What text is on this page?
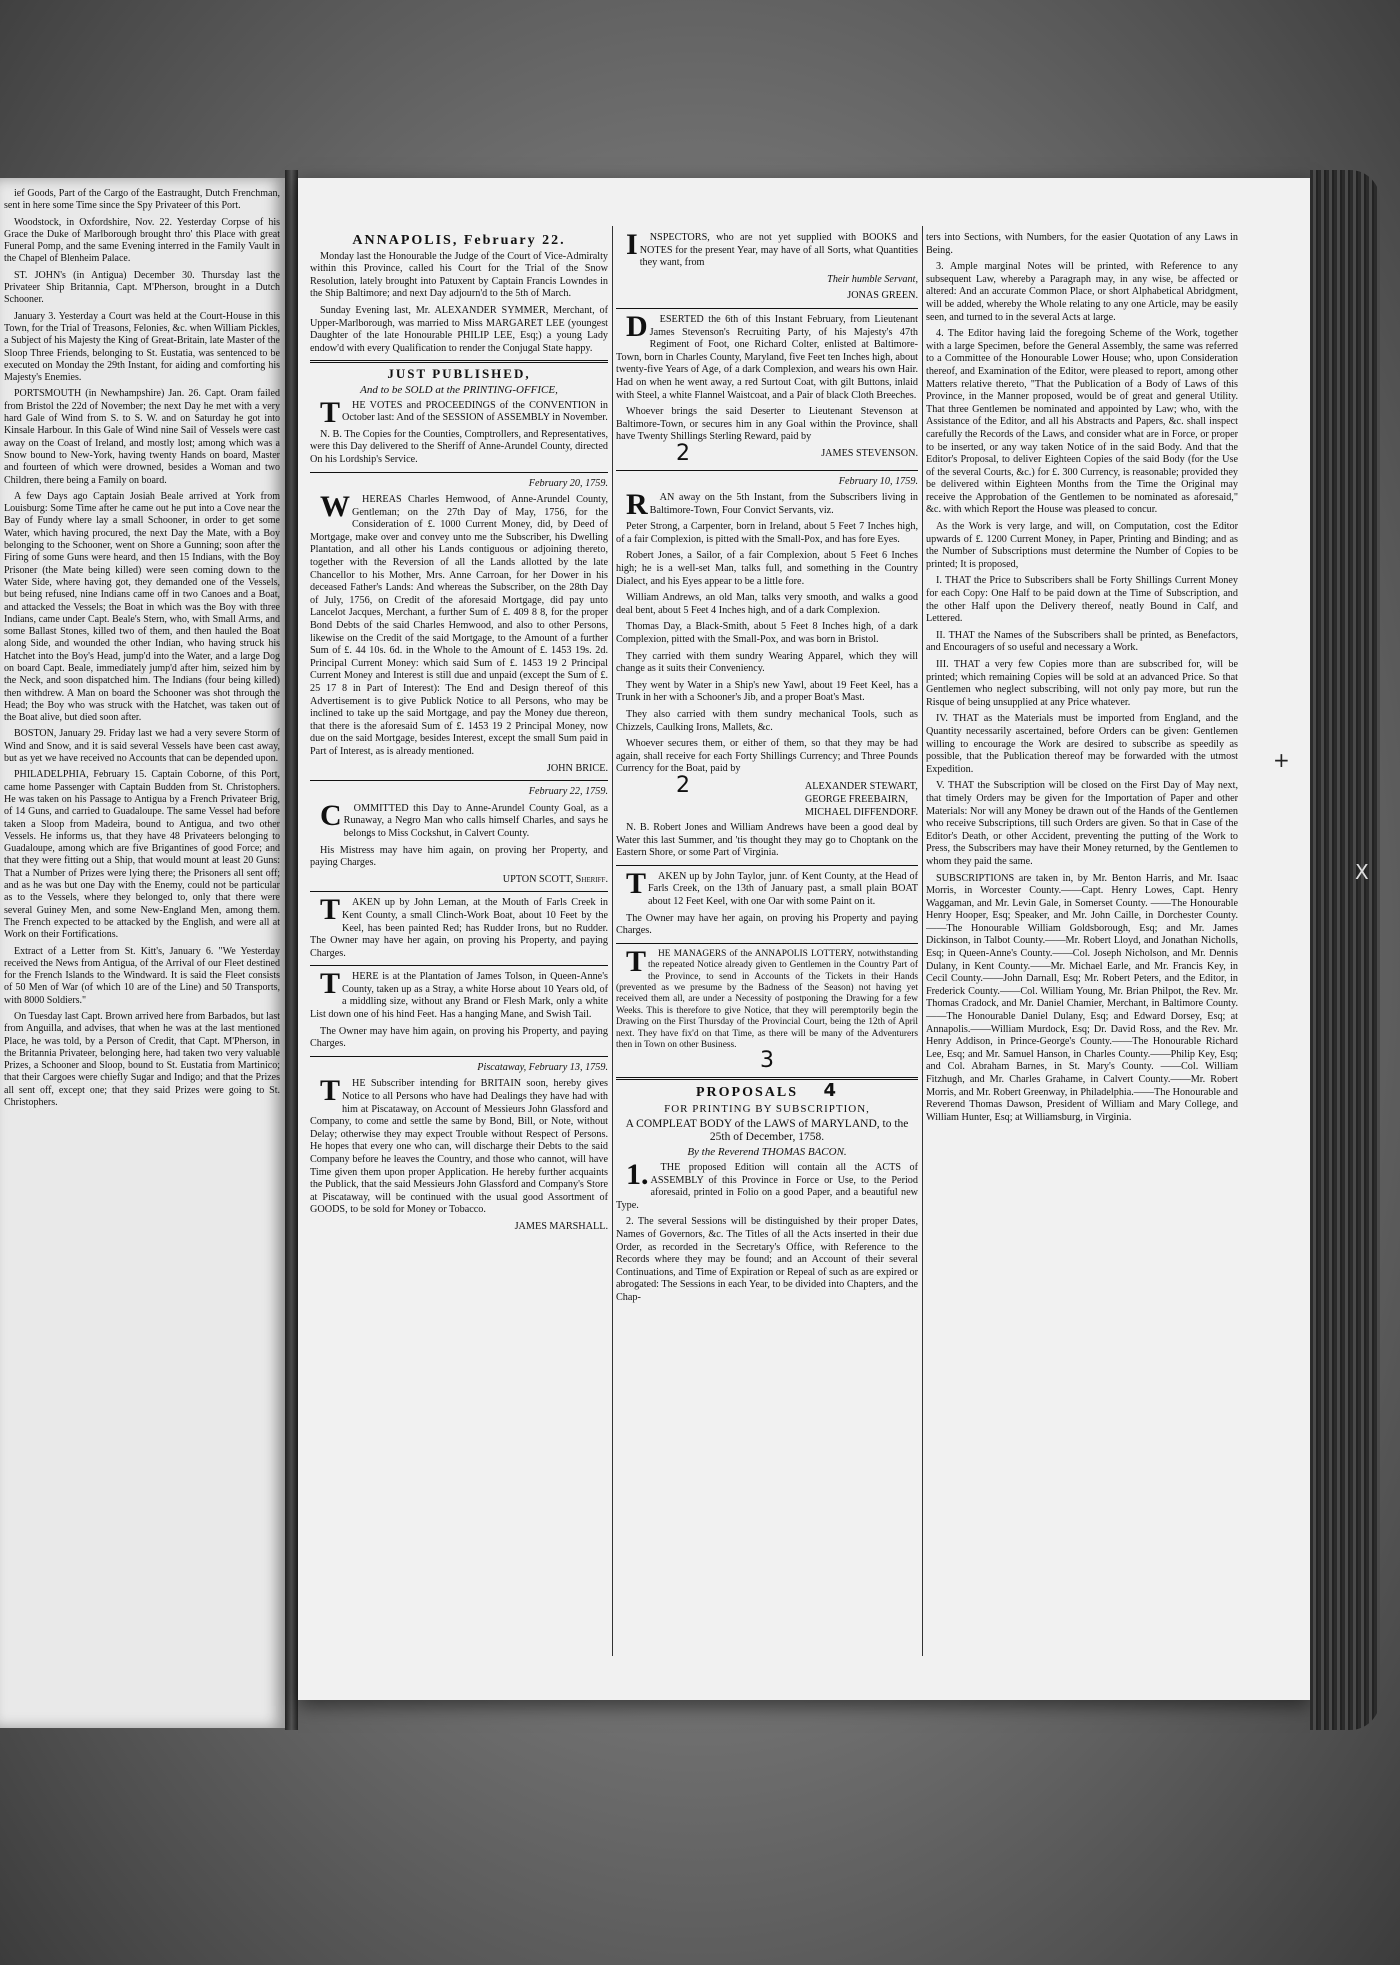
ief Goods, Part of the Cargo of the Eastraught, Dutch Frenchman, sent in here some Time since the Spy Privateer of this Port.

Woodstock, in Oxfordshire, Nov. 22. Yesterday Corpse of his Grace the Duke of Marlborough brought thro' this Place with great Funeral Pomp, and the same Evening interred in the Family Vault in the Chapel of Blenheim Palace.

ST. JOHN's (in Antigua) December 30. Thursday last the Privateer Ship Britannia, Capt. M'Pherson, brought in a Dutch Schooner.

January 3. Yesterday a Court was held at the Court-House in this Town, for the Trial of Treasons, Felonies, &c. when William Pickles, a Subject of his Majesty the King of Great-Britain, late Master of the Sloop Three Friends, belonging to St. Eustatia, was sentenced to be executed on Monday the 29th Instant, for aiding and comforting his Majesty's Enemies.

PORTSMOUTH (in Newhampshire) Jan. 26. Capt. Oram failed from Bristol the 22d of November; the next Day he met with a very hard Gale of Wind from S. to S. W. and on Saturday he got into Kinsale Harbour. In this Gale of Wind nine Sail of Vessels were cast away on the Coast of Ireland, and mostly lost; among which was a Snow bound to New-York, having twenty Hands on board, Master and fourteen of which were drowned, besides a Woman and two Children, there being a Family on board.

A few Days ago Captain Josiah Beale arrived at York from Louisburg: Some Time after he came out he put into a Cove near the Bay of Fundy where lay a small Schooner, in order to get some Water, which having procured, the next Day the Mate, with a Boy belonging to the Schooner, went on Shore a Gunning; soon after the Firing of some Guns were heard, and then 15 Indians, with the Boy Prisoner (the Mate being killed) were seen coming down to the Water Side, where having got, they demanded one of the Vessels, but being refused, nine Indians came off in two Canoes and a Boat, and attacked the Vessels; the Boat in which was the Boy with three Indians, came under Capt. Beale's Stern, who, with Small Arms, and some Ballast Stones, killed two of them, and then hauled the Boat along Side, and wounded the other Indian, who having struck his Hatchet into the Boy's Head, jump'd into the Water, and a large Dog on board Capt. Beale, immediately jump'd after him, seized him by the Neck, and soon dispatched him. The Indians (four being killed) then withdrew. A Man on board the Schooner was shot through the Head; the Boy who was struck with the Hatchet, was taken out of the Boat alive, but died soon after.

BOSTON, January 29. Friday last we had a very severe Storm of Wind and Snow, and it is said several Vessels have been cast away, but as yet we have received no Accounts that can be depended upon.

PHILADELPHIA, February 15. Captain Coborne, of this Port, came home Passenger with Captain Budden from St. Christophers. He was taken on his Passage to Antigua by a French Privateer Brig, of 14 Guns, and carried to Guadaloupe. The same Vessel had before taken a Sloop from Madeira, bound to Antigua, and two other Vessels. He informs us, that they have 48 Privateers belonging to Guadaloupe, among which are five Brigantines of good Force; and that they were fitting out a Ship, that would mount at least 20 Guns: That a Number of Prizes were lying there; the Prisoners all sent off; and as he was but one Day with the Enemy, could not be particular as to the Vessels, where they belonged to, only that there were several Guiney Men, and some New-England Men, among them. The French expected to be attacked by the English, and were all at Work on their Fortifications.

Extract of a Letter from St. Kitt's, January 6. "We Yesterday received the News from Antigua, of the Arrival of our Fleet destined for the French Islands to the Windward. It is said the Fleet consists of 50 Men of War (of which 10 are of the Line) and 50 Transports, with 8000 Soldiers."

On Tuesday last Capt. Brown arrived here from Barbados, but last from Anguilla, and advises, that when he was at the last mentioned Place, he was told, by a Person of Credit, that Capt. M'Pherson, in the Britannia Privateer, belonging here, had taken two very valuable Prizes, a Schooner and Sloop, bound to St. Eustatia from Martinico; that their Cargoes were chiefly Sugar and Indigo; and that the Prizes all sent off, except one; that they said Prizes were going to St. Christophers.

ANNAPOLIS, February 22.

Monday last the Honourable the Judge of the Court of Vice-Admiralty within this Province, called his Court for the Trial of the Snow Resolution, lately brought into Patuxent by Captain Francis Lowndes in the Ship Baltimore; and next Day adjourn'd to the 5th of March.

Sunday Evening last, Mr. ALEXANDER SYMMER, Merchant, of Upper-Marlborough, was married to Miss MARGARET LEE (youngest Daughter of the late Honourable PHILIP LEE, Esq;) a young Lady endow'd with every Qualification to render the Conjugal State happy.

JUST PUBLISHED,
And to be SOLD at the PRINTING-OFFICE,

THE VOTES and PROCEEDINGS of the CONVENTION in October last: And of the SESSION of ASSEMBLY in November.

N. B. The Copies for the Counties, Comptrollers, and Representatives, were this Day delivered to the Sheriff of Anne-Arundel County, directed On his Lordship's Service.

February 20, 1759.

WHEREAS Charles Hemwood, of Anne-Arundel County, Gentleman; on the 27th Day of May, 1756, for the Consideration of £. 1000 Current Money, did, by Deed of Mortgage, make over and convey unto me the Subscriber, his Dwelling Plantation, and all other his Lands contiguous or adjoining thereto, together with the Reversion of all the Lands allotted by the late Chancellor to his Mother, Mrs. Anne Carroan, for her Dower in his deceased Father's Lands: And whereas the Subscriber, on the 28th Day of July, 1756, on Credit of the aforesaid Mortgage, did pay unto Lancelot Jacques, Merchant, a further Sum of £. 409 8 8, for the proper Bond Debts of the said Charles Hemwood, and also to other Persons, likewise on the Credit of the said Mortgage, to the Amount of a further Sum of £. 44 10s. 6d. in the Whole to the Amount of £. 1453 19s. 2d. Principal Current Money: which said Sum of £. 1453 19 2 Principal Current Money and Interest is still due and unpaid (except the Sum of £. 25 17 8 in Part of Interest): The End and Design thereof of this Advertisement is to give Publick Notice to all Persons, who may be inclined to take up the said Mortgage, and pay the Money due thereon, that there is the aforesaid Sum of £. 1453 19 2 Principal Money, now due on the said Mortgage, besides Interest, except the small Sum paid in Part of Interest, as is already mentioned.

JOHN BRICE.

February 22, 1759.

COMMITTED this Day to Anne-Arundel County Goal, as a Runaway, a Negro Man who calls himself Charles, and says he belongs to Miss Cockshut, in Calvert County.

His Mistress may have him again, on proving her Property, and paying Charges.

UPTON SCOTT, Sheriff.

TAKEN up by John Leman, at the Mouth of Farls Creek in Kent County, a small Clinch-Work Boat, about 10 Feet by the Keel, has been painted Red; has Rudder Irons, but no Rudder. The Owner may have her again, on proving his Property, and paying Charges.

THERE is at the Plantation of James Tolson, in Queen-Anne's County, taken up as a Stray, a white Horse about 10 Years old, of a middling size, without any Brand or Flesh Mark, only a white List down one of his hind Feet. Has a hanging Mane, and Swish Tail.

The Owner may have him again, on proving his Property, and paying Charges.

Piscataway, February 13, 1759.

THE Subscriber intending for BRITAIN soon, hereby gives Notice to all Persons who have had Dealings they have had with him at Piscataway, on Account of Messieurs John Glassford and Company, to come and settle the same by Bond, Bill, or Note, without Delay; otherwise they may expect Trouble without Respect of Persons. He hopes that every one who can, will discharge their Debts to the said Company before he leaves the Country, and those who cannot, will have Time given them upon proper Application. He hereby further acquaints the Publick, that the said Messieurs John Glassford and Company's Store at Piscataway, will be continued with the usual good Assortment of GOODS, to be sold for Money or Tobacco.

JAMES MARSHALL.

INSPECTORS, who are not yet supplied with BOOKS and NOTES for the present Year, may have of all Sorts, what Quantities they want, from

Their humble Servant,

JONAS GREEN.

DESERTED the 6th of this Instant February, from Lieutenant James Stevenson's Recruiting Party, of his Majesty's 47th Regiment of Foot, one Richard Colter, enlisted at Baltimore-Town, born in Charles County, Maryland, five Feet ten Inches high, about twenty-five Years of Age, of a dark Complexion, and wears his own Hair. Had on when he went away, a red Surtout Coat, with gilt Buttons, inlaid with Steel, a white Flannel Waistcoat, and a Pair of black Cloth Breeches.

Whoever brings the said Deserter to Lieutenant Stevenson at Baltimore-Town, or secures him in any Goal within the Province, shall have Twenty Shillings Sterling Reward, paid by

2	JAMES STEVENSON.

February 10, 1759.

RAN away on the 5th Instant, from the Subscribers living in Baltimore-Town, Four Convict Servants, viz.

Peter Strong, a Carpenter, born in Ireland, about 5 Feet 7 Inches high, of a fair Complexion, is pitted with the Small-Pox, and has fore Eyes.

Robert Jones, a Sailor, of a fair Complexion, about 5 Feet 6 Inches high; he is a well-set Man, talks full, and something in the Country Dialect, and his Eyes appear to be a little fore.

William Andrews, an old Man, talks very smooth, and walks a good deal bent, about 5 Feet 4 Inches high, and of a dark Complexion.

Thomas Day, a Black-Smith, about 5 Feet 8 Inches high, of a dark Complexion, pitted with the Small-Pox, and was born in Bristol.

They carried with them sundry Wearing Apparel, which they will change as it suits their Conveniency.

They went by Water in a Ship's new Yawl, about 19 Feet Keel, has a Trunk in her with a Schooner's Jib, and a proper Boat's Mast.

They also carried with them sundry mechanical Tools, such as Chizzels, Caulking Irons, Mallets, &c.

Whoever secures them, or either of them, so that they may be had again, shall receive for each Forty Shillings Currency; and Three Pounds Currency for the Boat, paid by

2	ALEXANDER STEWART,
GEORGE FREEBAIRN,
MICHAEL DIFFENDORF.

N. B. Robert Jones and William Andrews have been a good deal by Water this last Summer, and 'tis thought they may go to Choptank on the Eastern Shore, or some Part of Virginia.

TAKEN up by John Taylor, junr. of Kent County, at the Head of Farls Creek, on the 13th of January past, a small plain BOAT about 12 Feet Keel, with one Oar with some Paint on it.

The Owner may have her again, on proving his Property and paying Charges.

THE MANAGERS of the ANNAPOLIS LOTTERY, notwithstanding the repeated Notice already given to Gentlemen in the Country Part of the Province, to send in Accounts of the Tickets in their Hands (prevented as we presume by the Badness of the Season) not having yet received them all, are under a Necessity of postponing the Drawing for a few Weeks. This is therefore to give Notice, that they will peremptorily begin the Drawing on the First Thursday of the Provincial Court, being the 12th of April next. They have fix'd on that Time, as there will be many of the Adventurers then in Town on other Business.

3

PROPOSALS 4
FOR PRINTING BY SUBSCRIPTION,
A COMPLEAT BODY of the LAWS of MARYLAND, to the 25th of December, 1758.
By the Reverend THOMAS BACON.

1.THE proposed Edition will contain all the ACTS of ASSEMBLY of this Province in Force or Use, to the Period aforesaid, printed in Folio on a good Paper, and a beautiful new Type.

2. The several Sessions will be distinguished by their proper Dates, Names of Governors, &c. The Titles of all the Acts inserted in their due Order, as recorded in the Secretary's Office, with Reference to the Records where they may be found; and an Account of their several Continuations, and Time of Expiration or Repeal of such as are expired or abrogated: The Sessions in each Year, to be divided into Chapters, and the Chap-

ters into Sections, with Numbers, for the easier Quotation of any Laws in Being.

3. Ample marginal Notes will be printed, with Reference to any subsequent Law, whereby a Paragraph may, in any wise, be affected or altered: And an accurate Common Place, or short Alphabetical Abridgment, will be added, whereby the Whole relating to any one Article, may be easily seen, and turned to in the several Acts at large.

4. The Editor having laid the foregoing Scheme of the Work, together with a large Specimen, before the General Assembly, the same was referred to a Committee of the Honourable Lower House; who, upon Consideration thereof, and Examination of the Editor, were pleased to report, among other Matters relative thereto, "That the Publication of a Body of Laws of this Province, in the Manner proposed, would be of great and general Utility. That three Gentlemen be nominated and appointed by Law; who, with the Assistance of the Editor, and all his Abstracts and Papers, &c. shall inspect carefully the Records of the Laws, and consider what are in Force, or proper to be inserted, or any way taken Notice of in the said Body. And that the Editor's Proposal, to deliver Eighteen Copies of the said Body (for the Use of the several Courts, &c.) for £. 300 Currency, is reasonable; provided they be delivered within Eighteen Months from the Time the Original may receive the Approbation of the Gentlemen to be nominated as aforesaid," &c. with which Report the House was pleased to concur.

As the Work is very large, and will, on Computation, cost the Editor upwards of £. 1200 Current Money, in Paper, Printing and Binding; and as the Number of Subscriptions must determine the Number of Copies to be printed; It is proposed,

I. THAT the Price to Subscribers shall be Forty Shillings Current Money for each Copy: One Half to be paid down at the Time of Subscription, and the other Half upon the Delivery thereof, neatly Bound in Calf, and Lettered.

II. THAT the Names of the Subscribers shall be printed, as Benefactors, and Encouragers of so useful and necessary a Work.

III. THAT a very few Copies more than are subscribed for, will be printed; which remaining Copies will be sold at an advanced Price. So that Gentlemen who neglect subscribing, will not only pay more, but run the Risque of being unsupplied at any Price whatever.

IV. THAT as the Materials must be imported from England, and the Quantity necessarily ascertained, before Orders can be given: Gentlemen willing to encourage the Work are desired to subscribe as speedily as possible, that the Publication thereof may be forwarded with the utmost Expedition.

V. THAT the Subscription will be closed on the First Day of May next, that timely Orders may be given for the Importation of Paper and other Materials: Nor will any Money be drawn out of the Hands of the Gentlemen who receive Subscriptions, till such Orders are given. So that in Case of the Editor's Death, or other Accident, preventing the putting of the Work to Press, the Subscribers may have their Money returned, by the Gentlemen to whom they paid the same.

SUBSCRIPTIONS are taken in, by Mr. Benton Harris, and Mr. Isaac Morris, in Worcester County.——Capt. Henry Lowes, Capt. Henry Waggaman, and Mr. Levin Gale, in Somerset County. ——The Honourable Henry Hooper, Esq; Speaker, and Mr. John Caille, in Dorchester County.——The Honourable William Goldsborough, Esq; and Mr. James Dickinson, in Talbot County.——Mr. Robert Lloyd, and Jonathan Nicholls, Esq; in Queen-Anne's County.——Col. Joseph Nicholson, and Mr. Dennis Dulany, in Kent County.——Mr. Michael Earle, and Mr. Francis Key, in Cecil County.——John Darnall, Esq; Mr. Robert Peters, and the Editor, in Frederick County.——Col. William Young, Mr. Brian Philpot, the Rev. Mr. Thomas Cradock, and Mr. Daniel Chamier, Merchant, in Baltimore County.——The Honourable Daniel Dulany, Esq; and Edward Dorsey, Esq; at Annapolis.——William Murdock, Esq; Dr. David Ross, and the Rev. Mr. Henry Addison, in Prince-George's County.——The Honourable Richard Lee, Esq; and Mr. Samuel Hanson, in Charles County.——Philip Key, Esq; and Col. Abraham Barnes, in St. Mary's County. ——Col. William Fitzhugh, and Mr. Charles Grahame, in Calvert County.——Mr. Robert Morris, and Mr. Robert Greenway, in Philadelphia.——The Honourable and Reverend Thomas Dawson, President of William and Mary College, and William Hunter, Esq; at Williamsburg, in Virginia.

+
X
